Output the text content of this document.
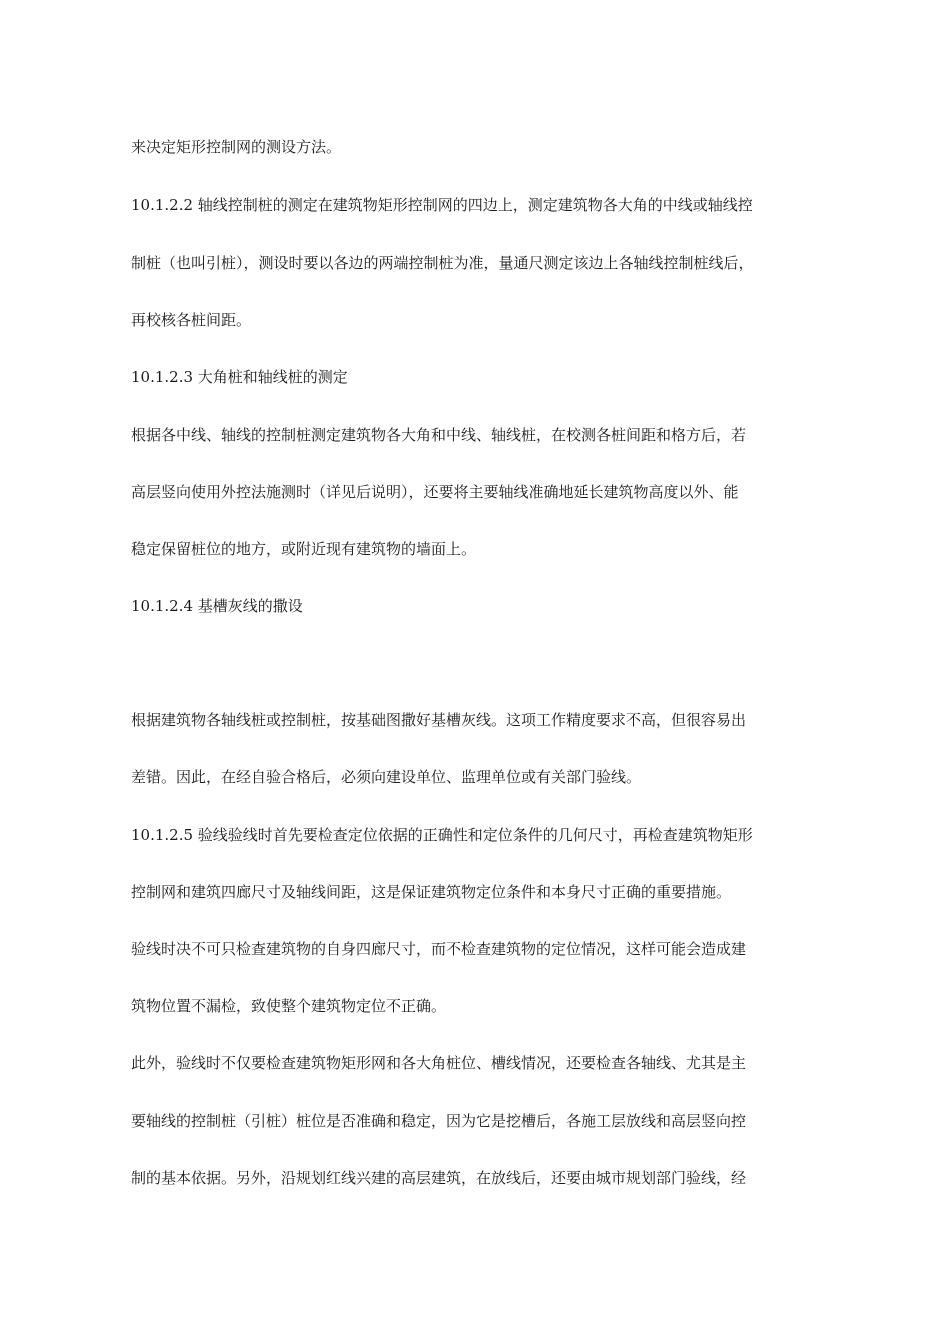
来决定矩形控制网的测设方法。
10.1.2.2 轴线控制桩的测定在建筑物矩形控制网的四边上，测定建筑物各大角的中线或轴线控
制桩（也叫引桩），测设时要以各边的两端控制桩为准，量通尺测定该边上各轴线控制桩线后，
再校核各桩间距。
10.1.2.3 大角桩和轴线桩的测定
根据各中线、轴线的控制桩测定建筑物各大角和中线、轴线桩，在校测各桩间距和格方后，若
高层竖向使用外控法施测时（详见后说明），还要将主要轴线准确地延长建筑物高度以外、能
稳定保留桩位的地方，或附近现有建筑物的墙面上。
10.1.2.4 基槽灰线的撒设
根据建筑物各轴线桩或控制桩，按基础图撒好基槽灰线。这项工作精度要求不高，但很容易出
差错。因此，在经自验合格后，必须向建设单位、监理单位或有关部门验线。
10.1.2.5 验线验线时首先要检查定位依据的正确性和定位条件的几何尺寸，再检查建筑物矩形
控制网和建筑四廊尺寸及轴线间距，这是保证建筑物定位条件和本身尺寸正确的重要措施。
验线时决不可只检查建筑物的自身四廊尺寸，而不检查建筑物的定位情况，这样可能会造成建
筑物位置不漏检，致使整个建筑物定位不正确。
此外，验线时不仅要检查建筑物矩形网和各大角桩位、槽线情况，还要检查各轴线、尤其是主
要轴线的控制桩（引桩）桩位是否准确和稳定，因为它是挖槽后，各施工层放线和高层竖向控
制的基本依据。另外，沿规划红线兴建的高层建筑，在放线后，还要由城市规划部门验线，经
